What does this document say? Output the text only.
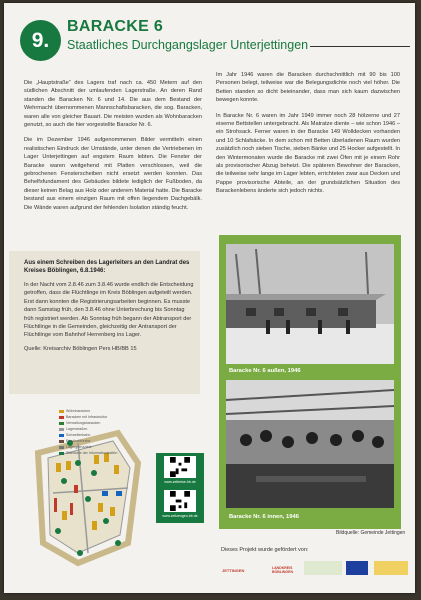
9.
BARACKE 6
Staatliches Durchgangslager Unterjettingen

Die „Hauptstraße“ des Lagers traf nach ca. 450 Metern auf den südlichen Abschnitt der umlaufenden Lagerstraße. An deren Rand standen die Baracken Nr. 6 und 14. Die aus dem Bestand der Wehrmacht übernommenen Mannschaftsbaracken, die sog. Baracken, waren alle von gleicher Bauart. Die meisten wurden als Wohnbaracken genutzt, so auch die hier vorgestellte Baracke Nr. 6.

Die im Dezember 1946 aufgenommenen Bilder vermitteln einen realistischen Eindruck der Umstände, unter denen die Vertriebenen im Lager Unterjettingen auf engstem Raum lebten. Die Fenster der Baracke waren weitgehend mit Platten verschlossen, weil die gebrochenen Fensterscheiben nicht ersetzt werden konnten. Das Behelfsfundament des Gebäudes bildete lediglich der Fußboden, da dieser keinen Belag aus Holz oder anderem Material hatte. Die Baracke bestand aus einem einzigen Raum mit offen liegendem Dachgebälk. Die Wände waren aufgrund der fehlenden Isolation ständig feucht.

Im Jahr 1946 waren die Baracken durchschnittlich mit 90 bis 100 Personen belegt, teilweise war die Belegungsdichte noch viel höher. Die Betten standen so dicht beieinander, dass man sich kaum dazwischen bewegen konnte.

In Baracke Nr. 6 waren im Jahr 1949 immer noch 28 hölzerne und 27 eiserne Bettstellen untergebracht. Als Matratze diente – wie schon 1946 – ein Strohsack. Ferner waren in der Baracke 149 Wolldecken vorhanden und 10 Schlafsäcke. In dem schon mit Betten überladenen Raum wurden zusätzlich noch sieben Tische, sieben Bänke und 25 Hocker aufgestellt. In den Wintermonaten wurde die Baracke mit zwei Öfen mit je einem Rohr als provisorischer Abzug beheizt. Die späteren Bewohner der Baracken, die teilweise sehr lange im Lager lebten, errichteten zwar aus Decken und Pappe provisorische Abteile, an der grundsätzlichen Situation des Barackenlebens änderte sich jedoch nichts.

Aus einem Schreiben des Lagerleiters an den Landrat des Kreises Böblingen, 6.8.1946:

In der Nacht vom 2.8.46 zum 3.8.46 wurde endlich die Entscheidung getroffen, dass die Flüchtlinge im Kreis Böblingen aufgeteilt werden. Erst dann konnten die Registrierungsarbeiten beginnen. Es musste dann Samstag früh, den 3.8.46 ohne Unterbrechung bis Sonntag früh registriert werden. Ab Sonntag früh begann der Abtransport der Flüchtlinge in die Gemeinden, gleichzeitig der Antransport der Flüchtlinge vom Bahnhof Herrenberg ins Lager.

Quelle: Kreisarchiv Böblingen Pers HB/BB 15

Wohnbaracken
Baracken mit Infrastruktur
Verwaltungsbaracken
Lagerstraßen
Schwellenbahn
Friedhof/Kirche
Lagergrenzziele
Standorte der Informationstafeln
www.zeitreise-bb.de
www.zeitzeugen-bb.de
Baracke Nr. 6 außen, 1946
Baracke Nr. 6 innen, 1946
Bildquelle: Gemeinde Jettingen
Dieses Projekt wurde gefördert von:
JETTINGEN	LANDKREIS BÖBLINGEN
